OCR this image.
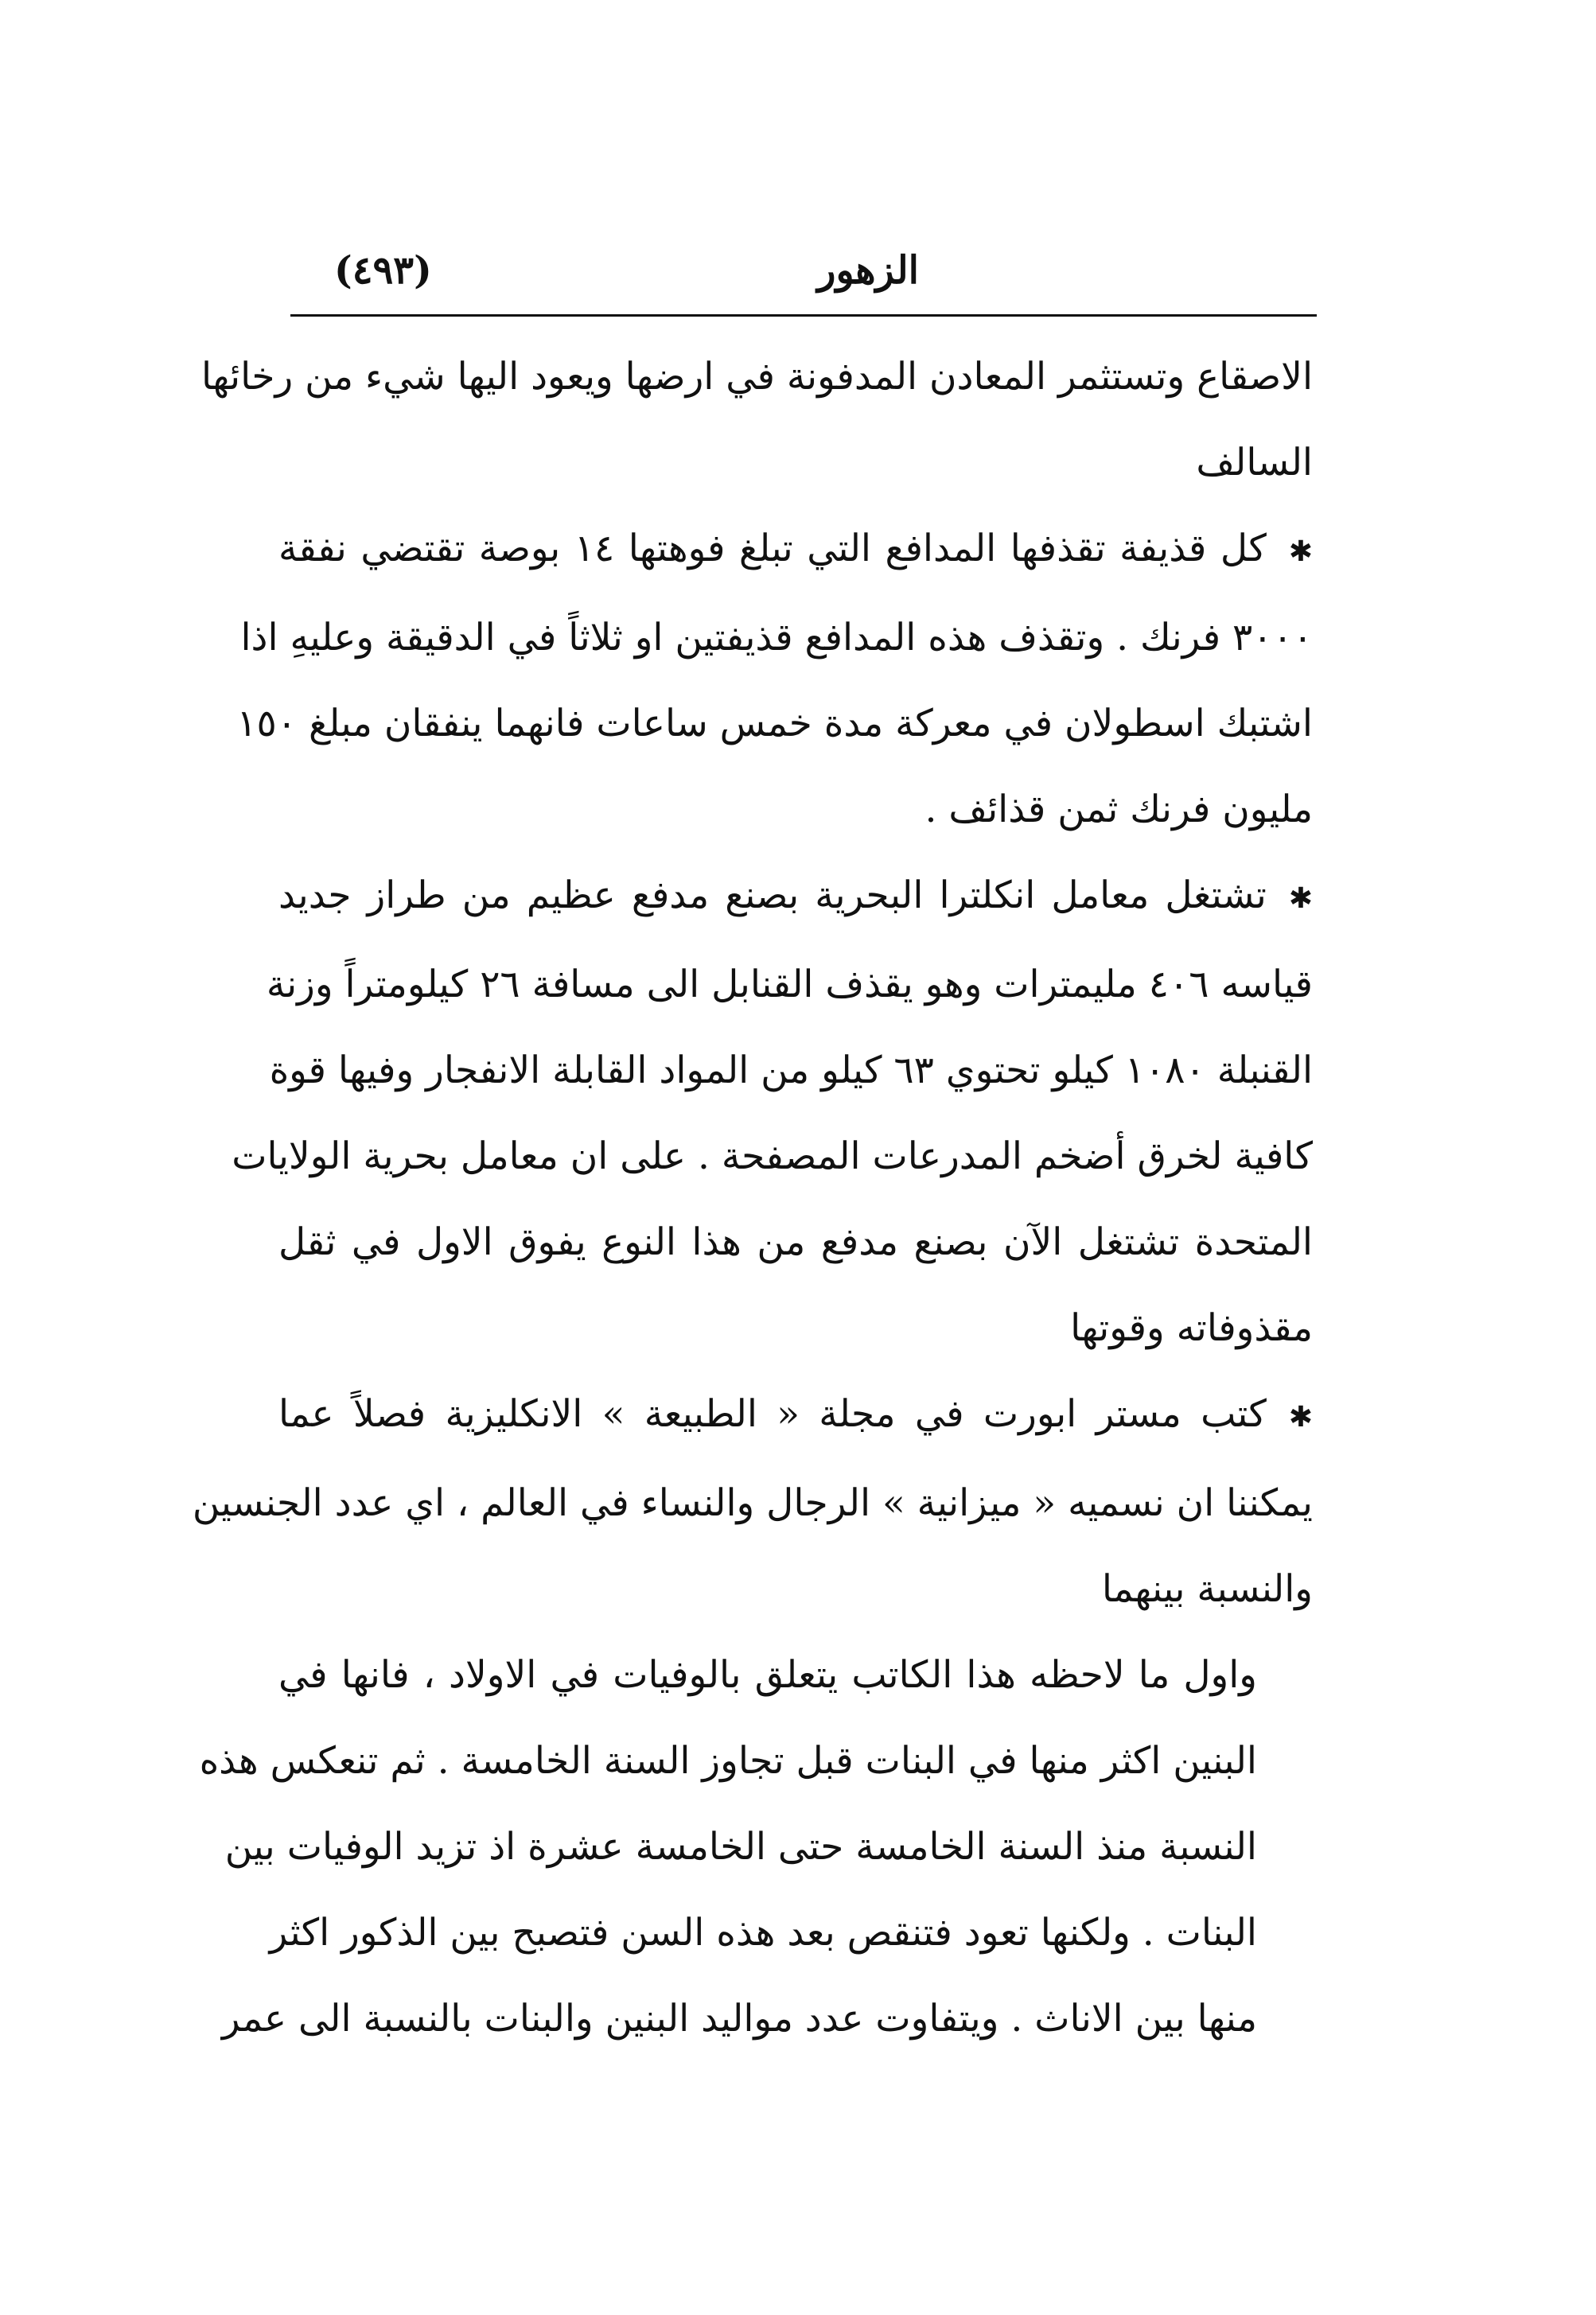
الزهور
(٤٩٣)
الاصقاع وتستثمر المعادن المدفونة في ارضها ويعود اليها شيء من رخائها
السالف
✱كل قذيفة تقذفها المدافع التي تبلغ فوهتها ١٤ بوصة تقتضي نفقة
٣٠٠٠ فرنك . وتقذف هذه المدافع قذيفتين او ثلاثاً في الدقيقة وعليهِ اذا
اشتبك اسطولان في معركة مدة خمس ساعات فانهما ينفقان مبلغ ١٥٠
مليون فرنك ثمن قذائف .
✱تشتغل معامل انكلترا البحرية بصنع مدفع عظيم من طراز جديد
قياسه ٤٠٦ مليمترات وهو يقذف القنابل الى مسافة ٢٦ كيلومتراً وزنة
القنبلة ١٠٨٠ كيلو تحتوي ٦٣ كيلو من المواد القابلة الانفجار وفيها قوة
كافية لخرق أضخم المدرعات المصفحة . على ان معامل بحرية الولايات
المتحدة تشتغل الآن بصنع مدفع من هذا النوع يفوق الاول في ثقل
مقذوفاته وقوتها
✱كتب مستر ابورت في مجلة « الطبيعة » الانكليزية فصلاً عما
يمكننا ان نسميه « ميزانية » الرجال والنساء في العالم ، اي عدد الجنسين
والنسبة بينهما
واول ما لاحظه هذا الكاتب يتعلق بالوفيات في الاولاد ، فانها في
البنين اكثر منها في البنات قبل تجاوز السنة الخامسة . ثم تنعكس هذه
النسبة منذ السنة الخامسة حتى الخامسة عشرة اذ تزيد الوفيات بين
البنات . ولكنها تعود فتنقص بعد هذه السن فتصبح بين الذكور اكثر
منها بين الاناث . ويتفاوت عدد مواليد البنين والبنات بالنسبة الى عمر
